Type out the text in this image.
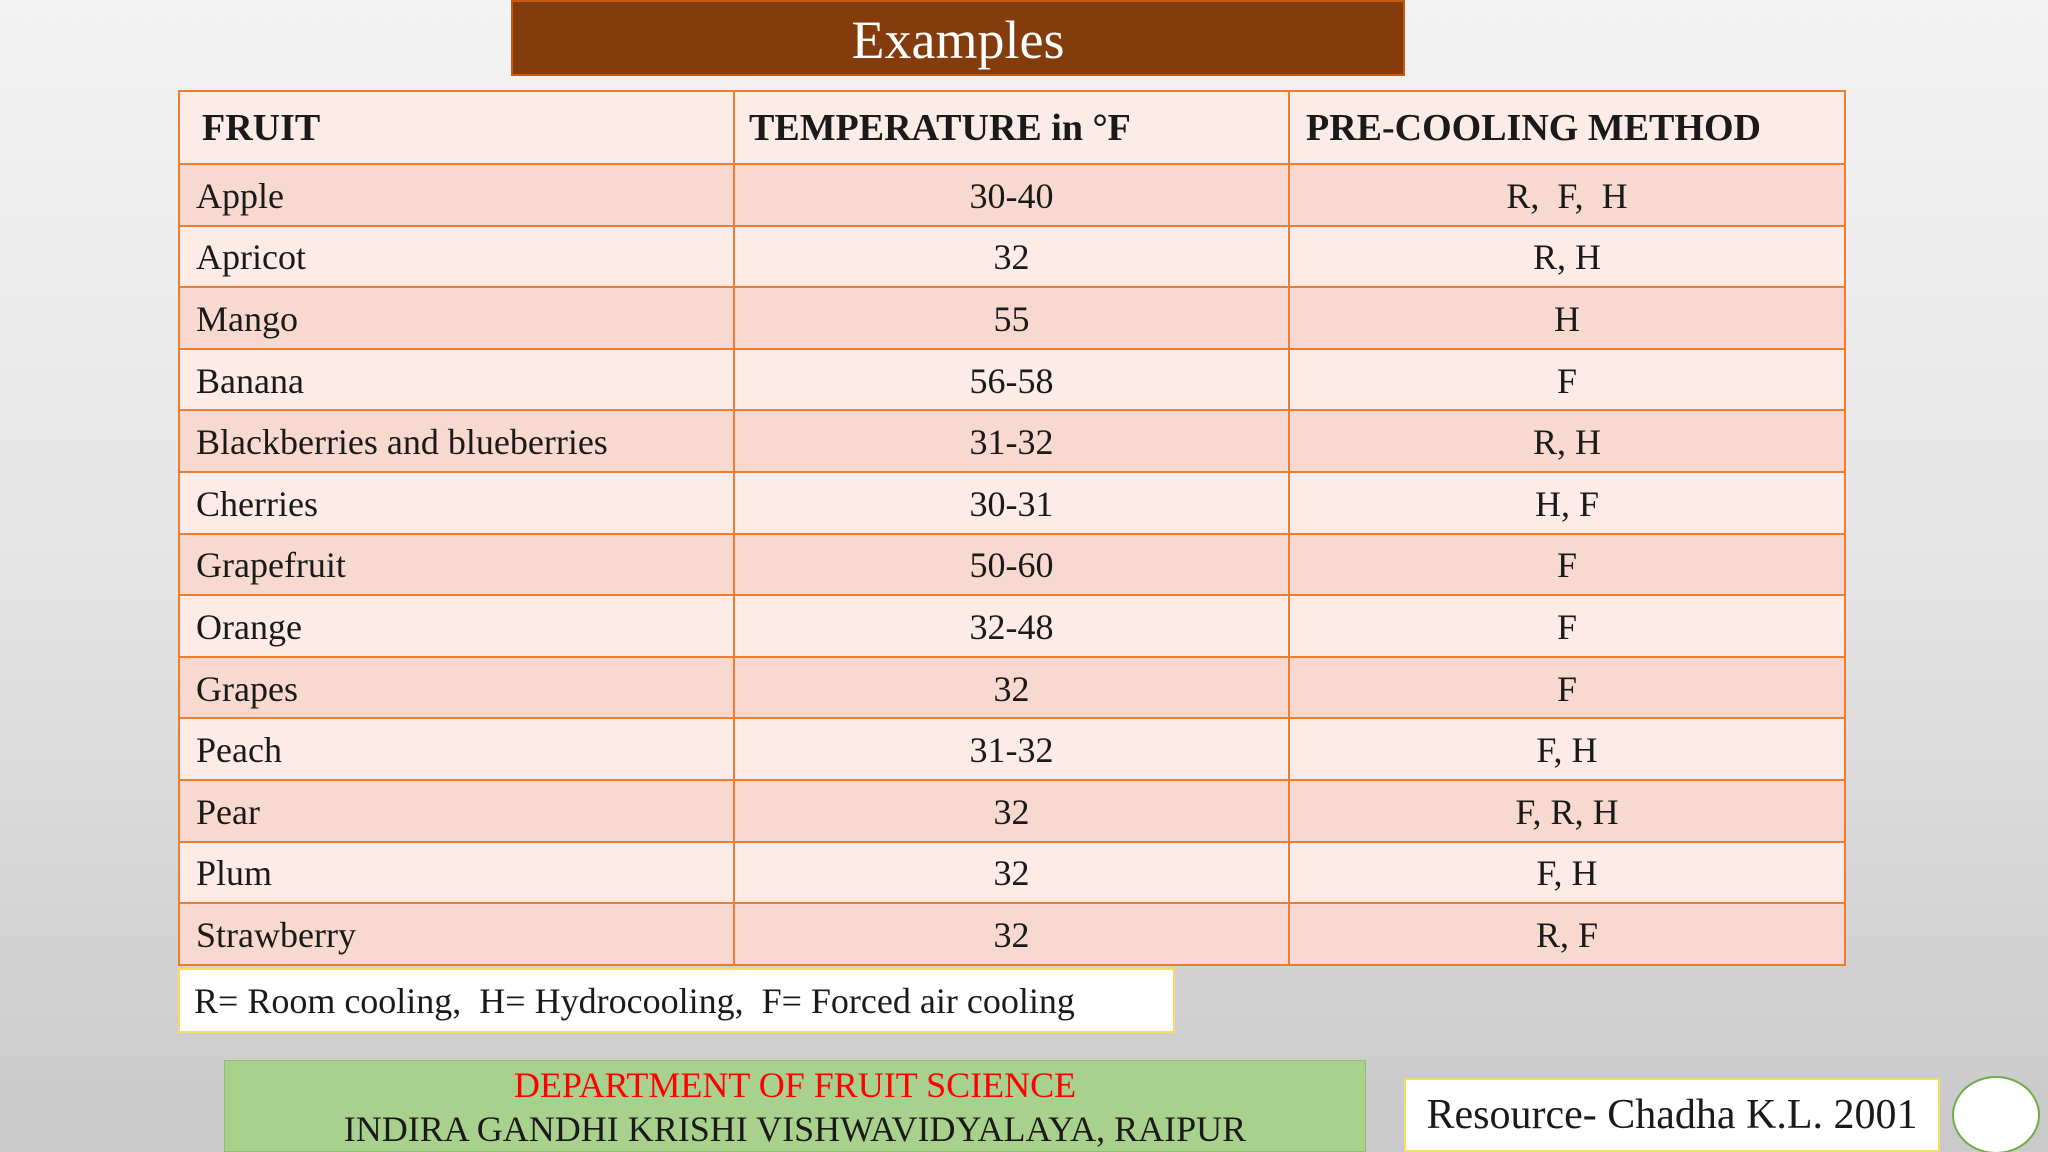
Examples
FRUIT	TEMPERATURE in °F	PRE-COOLING METHOD
Apple	30-40	R,  F,  H
Apricot	32	R, H
Mango	55	H
Banana	56-58	F
Blackberries and blueberries	31-32	R, H
Cherries	30-31	H, F
Grapefruit	50-60	F
Orange	32-48	F
Grapes	32	F
Peach	31-32	F, H
Pear	32	F, R, H
Plum	32	F, H
Strawberry	32	R, F
R= Room cooling,  H= Hydrocooling,  F= Forced air cooling
DEPARTMENT OF FRUIT SCIENCE
INDIRA GANDHI KRISHI VISHWAVIDYALAYA, RAIPUR	Resource- Chadha K.L. 2001
